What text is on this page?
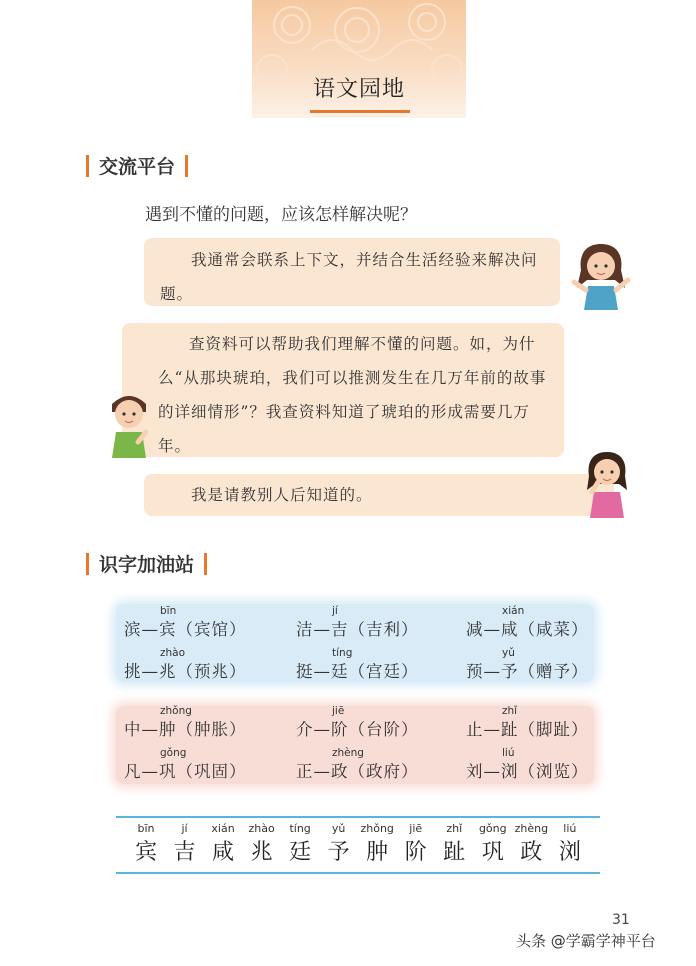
语文园地
交流平台
遇到不懂的问题，应该怎样解决呢？

我通常会联系上下文，并结合生活经验来解决问题。

查资料可以帮助我们理解不懂的问题。如，为什么“从那块琥珀，我们可以推测发生在几万年前的故事的详细情形”？我查资料知道了琥珀的形成需要几万年。

我是请教别人后知道的。

识字加油站
bīn
滨—宾（宾馆）
jí
洁—吉（吉利）
xián
减—咸（咸菜）
zhào
挑—兆（预兆）
tíng
挺—廷（宫廷）
yǔ
预—予（赠予）
zhǒng
中—肿（肿胀）
jiē
介—阶（台阶）
zhǐ
止—趾（脚趾）
gǒng
凡—巩（巩固）
zhèng
正—政（政府）
liú
刘—浏（浏览）
bīn
宾
jí
吉
xián
咸
zhào
兆
tíng
廷
yǔ
予
zhǒng
肿
jiē
阶
zhǐ
趾
gǒng
巩
zhèng
政
liú
浏
31
头条 @学霸学神平台
